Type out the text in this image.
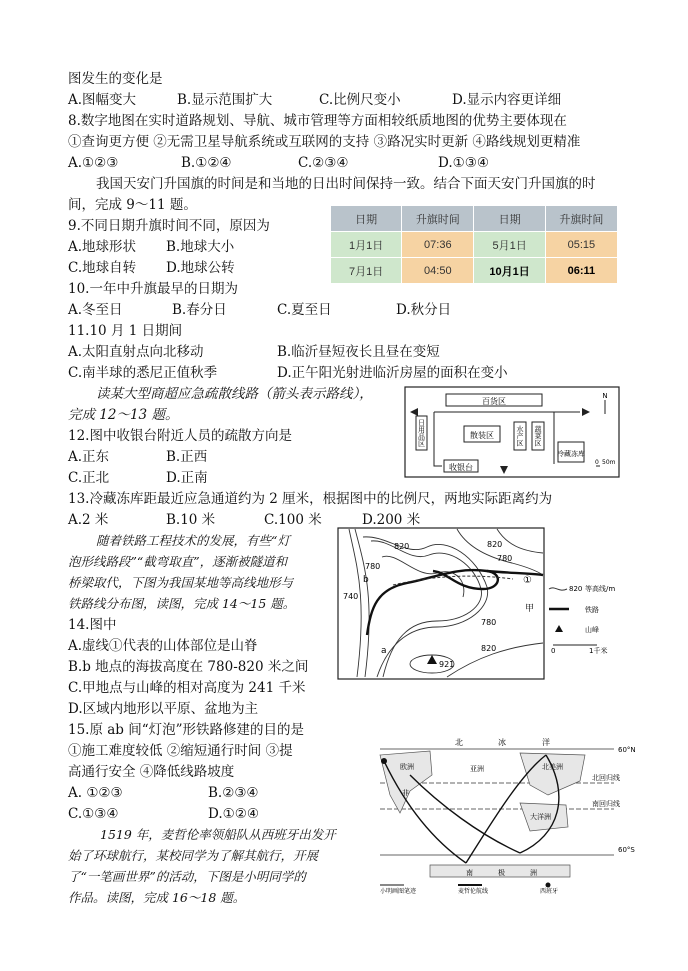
图发生的变化是
A.图幅变大	B.显示范围扩大	C.比例尺变小	D.显示内容更详细
8.数字地图在实时道路规划、导航、城市管理等方面相较纸质地图的优势主要体现在
①查询更方便 ②无需卫星导航系统或互联网的支持 ③路况实时更新 ④路线规划更精准
A.①②③	B.①②④	C.②③④	D.①③④
我国天安门升国旗的时间是和当地的日出时间保持一致。结合下面天安门升国旗的时
间，完成 9～11 题。
9.不同日期升旗时间不同，原因为
A.地球形状 B.地球大小
C.地球自转 D.地球公转
10.一年中升旗最早的日期为
A.冬至日	B.春分日	C.夏至日	D.秋分日
11.10 月 1 日期间
A.太阳直射点向北移动	B.临沂昼短夜长且昼在变短
C.南半球的悉尼正值秋季	D.正午阳光射进临沂房屋的面积在变小
读某大型商超应急疏散线路（箭头表示路线），
完成 12～13 题。
12.图中收银台附近人员的疏散方向是
A.正东	B.正西
C.正北	D.正南
13.冷藏冻库距最近应急通道约为 2 厘米，根据图中的比例尺，两地实际距离约为
A.2 米	B.10 米	C.100 米	D.200 米
随着铁路工程技术的发展，有些“灯
泡形线路段”“截弯取直”，逐渐被隧道和
桥梁取代，下图为我国某地等高线地形与
铁路线分布图，读图，完成 14～15 题。
14.图中
A.虚线①代表的山体部位是山脊
B.b 地点的海拔高度在 780-820 米之间
C.甲地点与山峰的相对高度为 241 千米
D.区域内地形以平原、盆地为主
15.原 ab 间“灯泡”形铁路修建的目的是
①施工难度较低 ②缩短通行时间 ③提
高通行安全 ④降低线路坡度
A. ①②③	B.②③④
C.①③④	D.①②④
1519 年，麦哲伦率领船队从西班牙出发开
始了环球航行，某校同学为了解其航行，开展
了“一笔画世界”的活动，下图是小明同学的
作品。读图，完成 16～18 题。
日期	升旗时间	日期	升旗时间
1月1日	07:36	5月1日	05:15
7月1日	04:50	10月1日	06:11
百货区
日用品区	散装区	水产区 蔬菜区
冷藏冻库
收银台
N
0 50m
921
820
780
820
780
740
780
820
a
b
甲
①
820 等高线/m
铁路
山峰
0	1千米
60°N
北回归线
南回归线
60°S
北	冰	洋
欧洲	亚洲
非
北美洲
大洋洲
南	极	洲
小明画图笔迹	麦哲伦航线	西班牙
西班牙
